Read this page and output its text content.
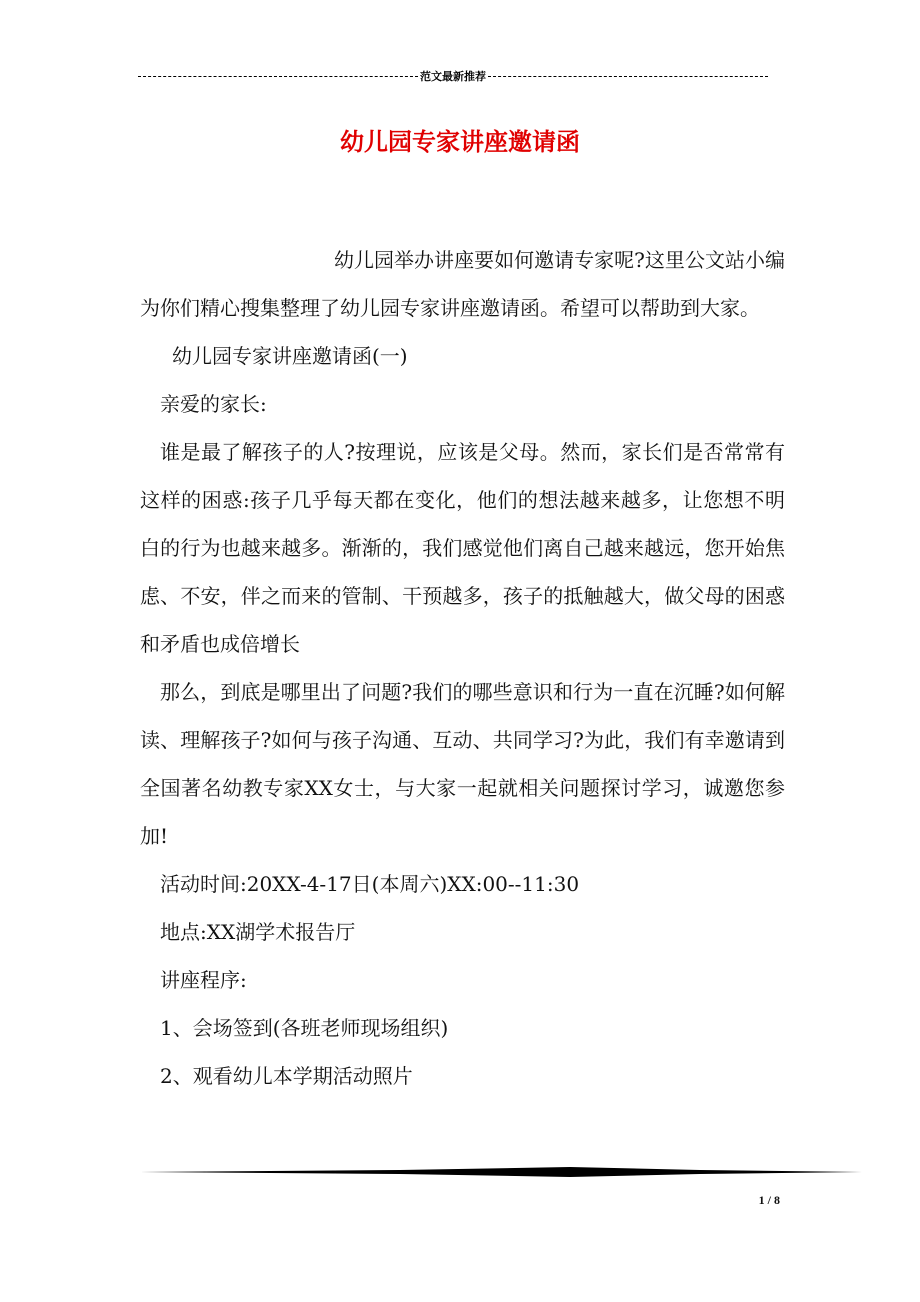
范文最新推荐
幼儿园专家讲座邀请函

幼儿园举办讲座要如何邀请专家呢?这里公文站小编为你们精心搜集整理了幼儿园专家讲座邀请函。希望可以帮助到大家。

幼儿园专家讲座邀请函(一)

亲爱的家长:

谁是最了解孩子的人?按理说，应该是父母。然而，家长们是否常常有这样的困惑:孩子几乎每天都在变化，他们的想法越来越多，让您想不明白的行为也越来越多。渐渐的，我们感觉他们离自己越来越远，您开始焦虑、不安，伴之而来的管制、干预越多，孩子的抵触越大，做父母的困惑和矛盾也成倍增长

那么，到底是哪里出了问题?我们的哪些意识和行为一直在沉睡?如何解读、理解孩子?如何与孩子沟通、互动、共同学习?为此，我们有幸邀请到全国著名幼教专家XX女士，与大家一起就相关问题探讨学习，诚邀您参加!

活动时间:20XX-4-17日(本周六)XX:00--11:30

地点:XX湖学术报告厅

讲座程序:

1、会场签到(各班老师现场组织)

2、观看幼儿本学期活动照片

1 / 8
